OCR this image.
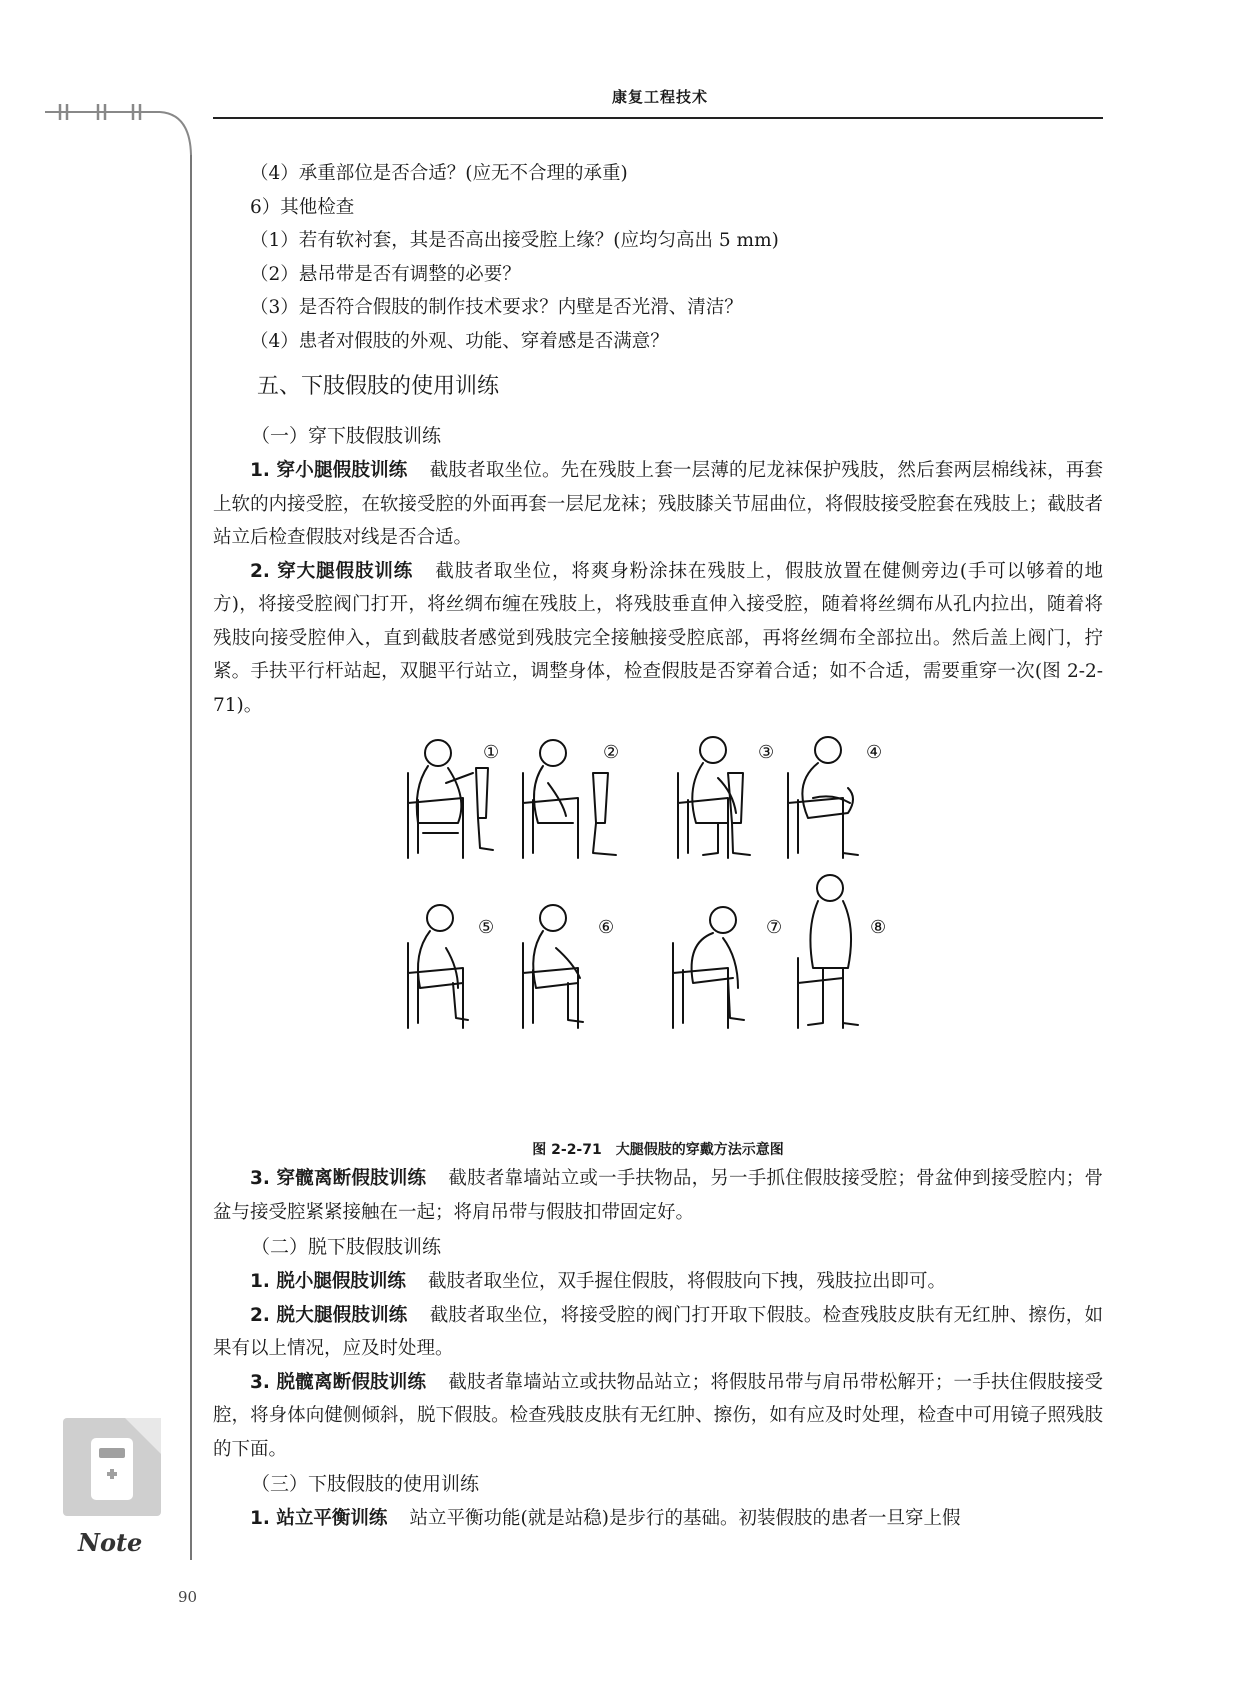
康复工程技术

（4）承重部位是否合适？(应无不合理的承重)

6）其他检查

（1）若有软衬套，其是否高出接受腔上缘？(应均匀高出 5 mm)

（2）悬吊带是否有调整的必要？

（3）是否符合假肢的制作技术要求？内壁是否光滑、清洁？

（4）患者对假肢的外观、功能、穿着感是否满意？

五、下肢假肢的使用训练

（一）穿下肢假肢训练

1. 穿小腿假肢训练 截肢者取坐位。先在残肢上套一层薄的尼龙袜保护残肢，然后套两层棉线袜，再套上软的内接受腔，在软接受腔的外面再套一层尼龙袜；残肢膝关节屈曲位，将假肢接受腔套在残肢上；截肢者站立后检查假肢对线是否合适。

2. 穿大腿假肢训练 截肢者取坐位，将爽身粉涂抹在残肢上，假肢放置在健侧旁边(手可以够着的地方)，将接受腔阀门打开，将丝绸布缠在残肢上，将残肢垂直伸入接受腔，随着将丝绸布从孔内拉出，随着将残肢向接受腔伸入，直到截肢者感觉到残肢完全接触接受腔底部，再将丝绸布全部拉出。然后盖上阀门，拧紧。手扶平行杆站起，双腿平行站立，调整身体，检查假肢是否穿着合适；如不合适，需要重穿一次(图 2-2-71)。

①	②	③	④
⑤	⑥	⑦	⑧

图 2-2-71　大腿假肢的穿戴方法示意图

3. 穿髋离断假肢训练 截肢者靠墙站立或一手扶物品，另一手抓住假肢接受腔；骨盆伸到接受腔内；骨盆与接受腔紧紧接触在一起；将肩吊带与假肢扣带固定好。

（二）脱下肢假肢训练

1. 脱小腿假肢训练 截肢者取坐位，双手握住假肢，将假肢向下拽，残肢拉出即可。

2. 脱大腿假肢训练 截肢者取坐位，将接受腔的阀门打开取下假肢。检查残肢皮肤有无红肿、擦伤，如果有以上情况，应及时处理。

3. 脱髋离断假肢训练 截肢者靠墙站立或扶物品站立；将假肢吊带与肩吊带松解开；一手扶住假肢接受腔，将身体向健侧倾斜，脱下假肢。检查残肢皮肤有无红肿、擦伤，如有应及时处理，检查中可用镜子照残肢的下面。

（三）下肢假肢的使用训练

1. 站立平衡训练 站立平衡功能(就是站稳)是步行的基础。初装假肢的患者一旦穿上假

Note
90
